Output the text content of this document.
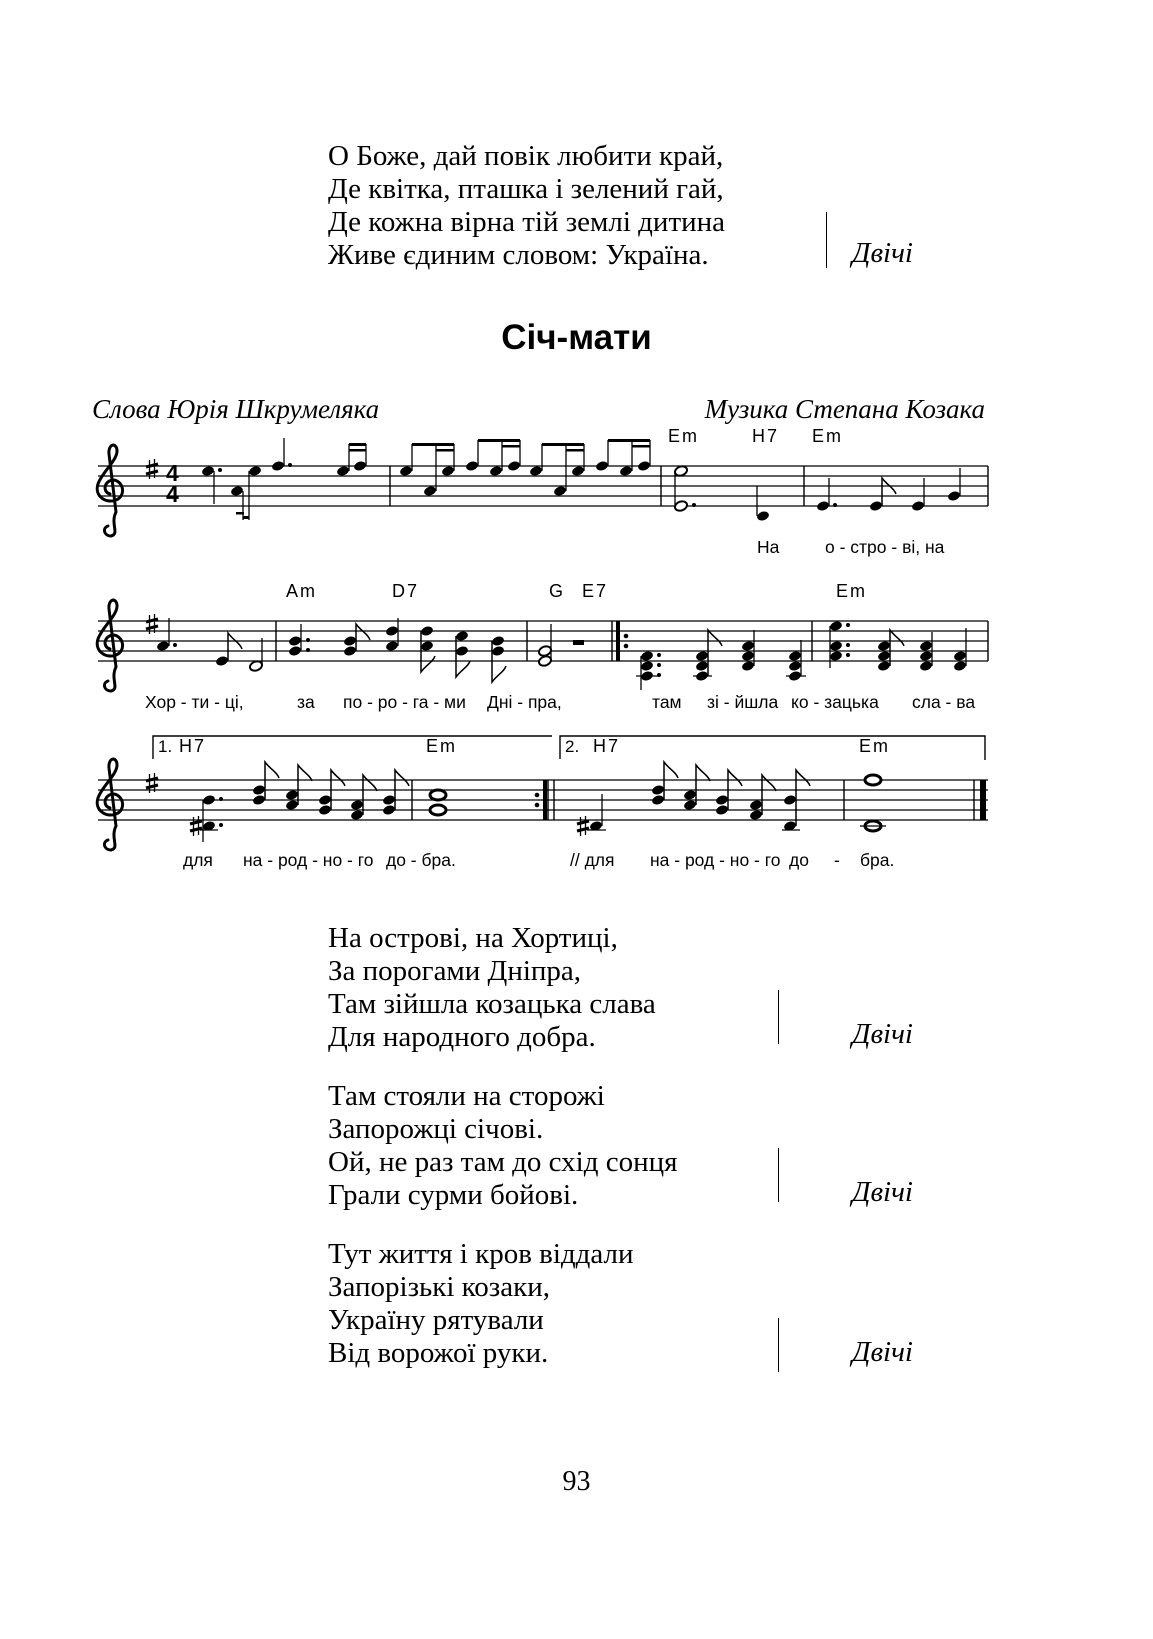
О Боже, дай повік любити край,
Де квітка, пташка і зелений гай,
Де кожна вірна тій землі дитина
Живе єдиним словом: Україна.	Двічі
Січ-мати
Слова Юрія Шкрумеляка	Музика Степана Козака
4
4
Em	H7 Em
На	о - стро - ві, на
Am	D7	G E7	Em
Хор - ти - ці,	за по - ро - га - ми Дні - пра,	там зі - йшла ко - зацька сла - ва
1.	2.
H7	Em	H7	Em
для на - род - но - го до - бра.	// для на - род - но - го до - бра.
На острові, на Хортиці,
За порогами Дніпра,
Там зійшла козацька слава
Для народного добра.	Двічі
Там стояли на сторожі
Запорожці січові.
Ой, не раз там до схід сонця
Грали сурми бойові.	Двічі
Тут життя і кров віддали
Запорізькі козаки,
Україну рятували
Від ворожої руки.	Двічі
93
